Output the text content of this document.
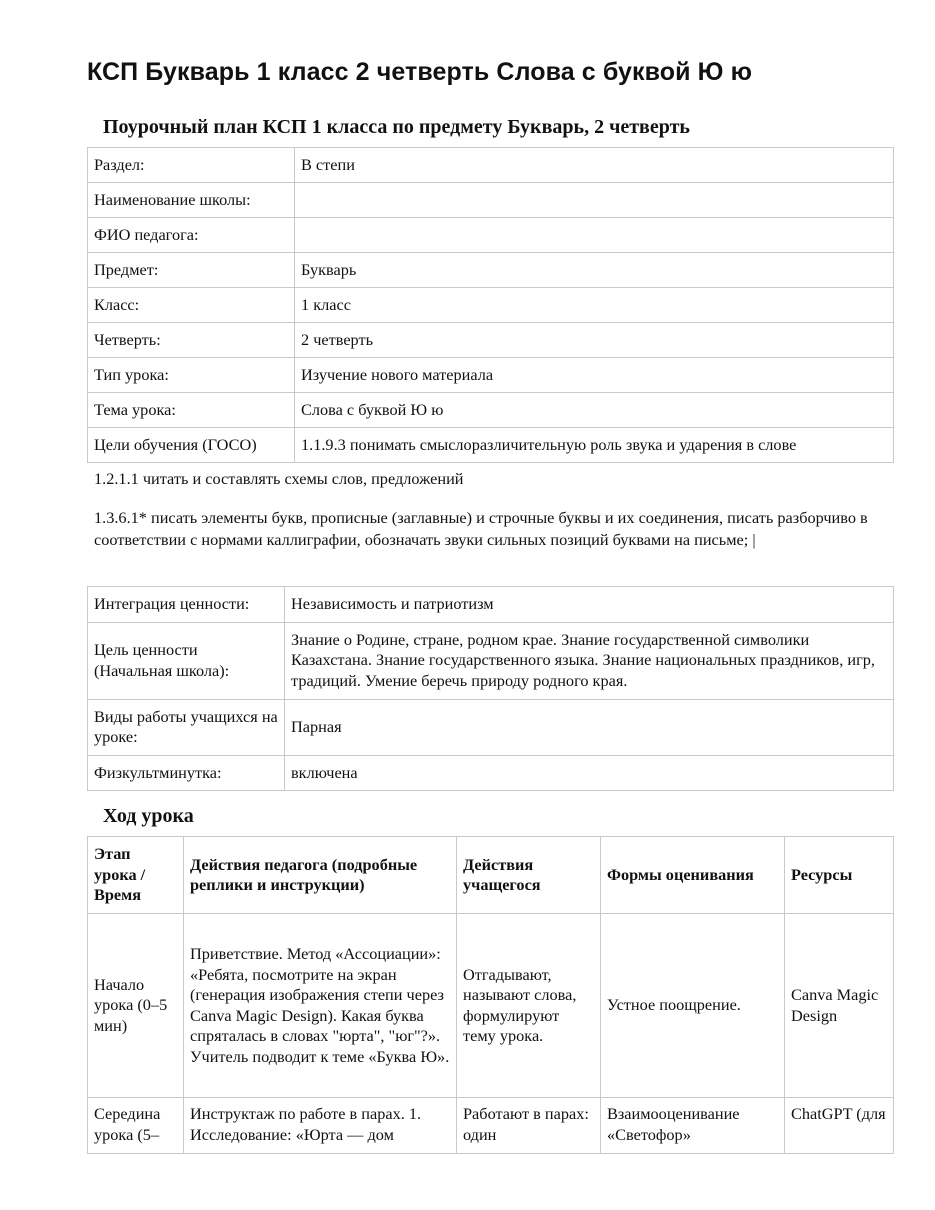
КСП Букварь 1 класс 2 четверть Слова с буквой Ю ю
Поурочный план КСП 1 класса по предмету Букварь, 2 четверть
Раздел:	В степи
Наименование школы:	
ФИО педагога:	
Предмет:	Букварь
Класс:	1 класс
Четверть:	2 четверть
Тип урока:	Изучение нового материала
Тема урока:	Слова с буквой Ю ю
Цели обучения (ГОСО)	1.1.9.3 понимать смыслоразличительную роль звука и ударения в слове
1.2.1.1 читать и составлять схемы слов, предложений
1.3.6.1* писать элементы букв, прописные (заглавные) и строчные буквы и их соединения, писать разборчиво в соответствии с нормами каллиграфии, обозначать звуки сильных позиций буквами на письме; |
Интеграция ценности:	Независимость и патриотизм
Цель ценности (Начальная школа):	Знание о Родине, стране, родном крае. Знание государственной символики Казахстана. Знание государственного языка. Знание национальных праздников, игр, традиций. Умение беречь природу родного края.
Виды работы учащихся на уроке:	Парная
Физкультминутка:	включена
Ход урока
Этап урока / Время	Действия педагога (подробные реплики и инструкции)	Действия учащегося	Формы оценивания	Ресурсы
Начало урока (0–5 мин)	Приветствие. Метод «Ассоциации»: «Ребята, посмотрите на экран (генерация изображения степи через Canva Magic Design). Какая буква спряталась в словах "юрта", "юг"?». Учитель подводит к теме «Буква Ю».	Отгадывают, называют слова, формулируют тему урока.	Устное поощрение.	Canva Magic Design
Середина урока (5–	Инструктаж по работе в парах. 1. Исследование: «Юрта — дом	Работают в парах: один	Взаимооценивание «Светофор»	ChatGPT (для
